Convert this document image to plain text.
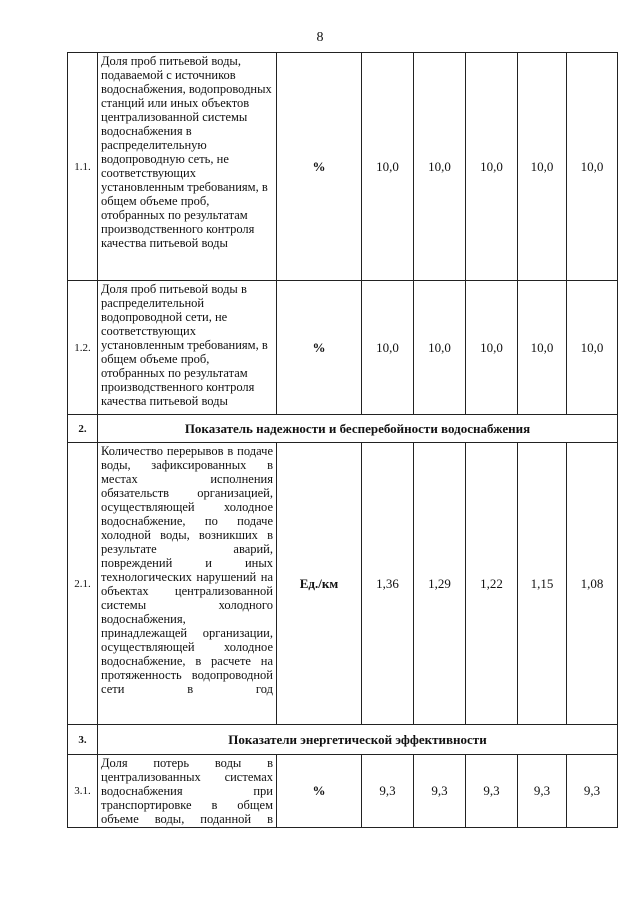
8
1.1.	Доля проб питьевой воды, подаваемой с источников водоснабжения, водопроводных станций или иных объектов централизованной системы водоснабжения в распределительную водопроводную сеть, не соответствующих установленным требованиям, в общем объеме проб, отобранных по результатам производственного контроля качества питьевой воды	%	10,0	10,0	10,0	10,0	10,0
1.2.	Доля проб питьевой воды в распределительной водопроводной сети, не соответствующих установленным требованиям, в общем объеме проб, отобранных по результатам производственного контроля качества питьевой воды	%	10,0	10,0	10,0	10,0	10,0
2.	Показатель надежности и бесперебойности водоснабжения						
2.1.	Количество перерывов в подаче воды, зафиксированных в местах исполнения обязательств организацией, осуществляющей холодное водоснабжение, по подаче холодной воды, возникших в результате аварий, повреждений и иных технологических нарушений на объектах централизованной системы холодного водоснабжения, принадлежащей организации, осуществляющей холодное водоснабжение, в расчете на протяженность водопроводной сети в год	Ед./км	1,36	1,29	1,22	1,15	1,08
3.	Показатели энергетической эффективности						
3.1.	Доля потерь воды в централизованных системах водоснабжения при транспортировке в общем объеме воды, поданной в	%	9,3	9,3	9,3	9,3	9,3
